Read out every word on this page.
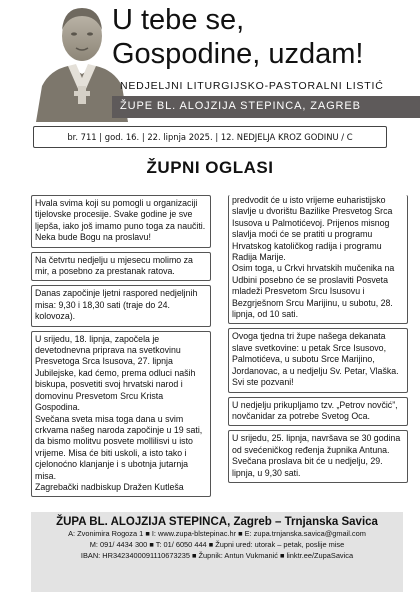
U tebe se,
Gospodine, uzdam!
NEDJELJNI LITURGIJSKO-PASTORALNI LISTIĆ
ŽUPE BL. ALOJZIJA STEPINCA, ZAGREB
br. 711 | god. 16. | 22. lipnja 2025. | 12. NEDJELJA KROZ GODINU / C
ŽUPNI OGLASI

Hvala svima koji su pomogli u organizaciji tijelovske procesije. Svake godine je sve ljepša, iako još imamo puno toga za naučiti. Neka bude Bogu na proslavu!

Na četvrtu nedjelju u mjesecu molimo za mir, a posebno za prestanak ratova.

Danas započinje ljetni raspored nedjeljnih misa: 9,30 i 18,30 sati (traje do 24. kolovoza).

U srijedu, 18. lipnja, započela je devetodnevna priprava na svetkovinu Presvetoga Srca Isusova, 27. lipnja Jubilejske, kad ćemo, prema odluci naših biskupa, posvetiti svoj hrvatski narod i domovinu Presvetom Srcu Krista Gospodina.
Svečana sveta misa toga dana u svim crkvama našeg naroda započinje u 19 sati, da bismo molitvu posvete mollilisvi u isto vrijeme. Misa će biti uskoli, a isto tako i cjelonoćno klanjanje i s ubotnja jutarnja misa.
Zagrebački nadbiskup Dražen Kutleša

predvodit će u isto vrijeme euharistijsko slavlje u dvorištu Bazilike Presvetog Srca Isusova u Palmotićevoj. Prijenos misnog slavlja moći će se pratiti u programu Hrvatskog katoličkog radija i programu Radija Marije.
Osim toga, u Crkvi hrvatskih mučenika na Udbini posebno će se proslaviti Posveta mladeži Presvetom Srcu Isusovu i Bezgrješnom Srcu Marijinu, u subotu, 28. lipnja, od 10 sati.

Ovoga tjedna tri župe našega dekanata slave svetkovine: u petak Srce Isusovo, Palmotićeva, u subotu Srce Marijino, Jordanovac, a u nedjelju Sv. Petar, Vlaška. Svi ste pozvani!

U nedjelju prikupljamo tzv. „Petrov novčić”, novčanidar za potrebe Svetog Oca.

U srijedu, 25. lipnja, navršava se 30 godina od svećeničkog ređenja župnika Antuna. Svečana proslava bit će u nedjelju, 29. lipnja, u 9,30 sati.

ŽUPA BL. ALOJZIJA STEPINCA, Zagreb – Trnjanska Savica
A: Zvonimira Rogoza 1 ■ I: www.zupa-blstepinac.hr ■ E: zupa.trnjanska.savica@gmail.com
M: 091/ 4434 300 ■ T: 01/ 6050 444 ■ Župni ured: utorak – petak, poslije mise
IBAN: HR3423400091110673235 ■ Župnik: Antun Vukmanić ■ linktr.ee/ZupaSavica
